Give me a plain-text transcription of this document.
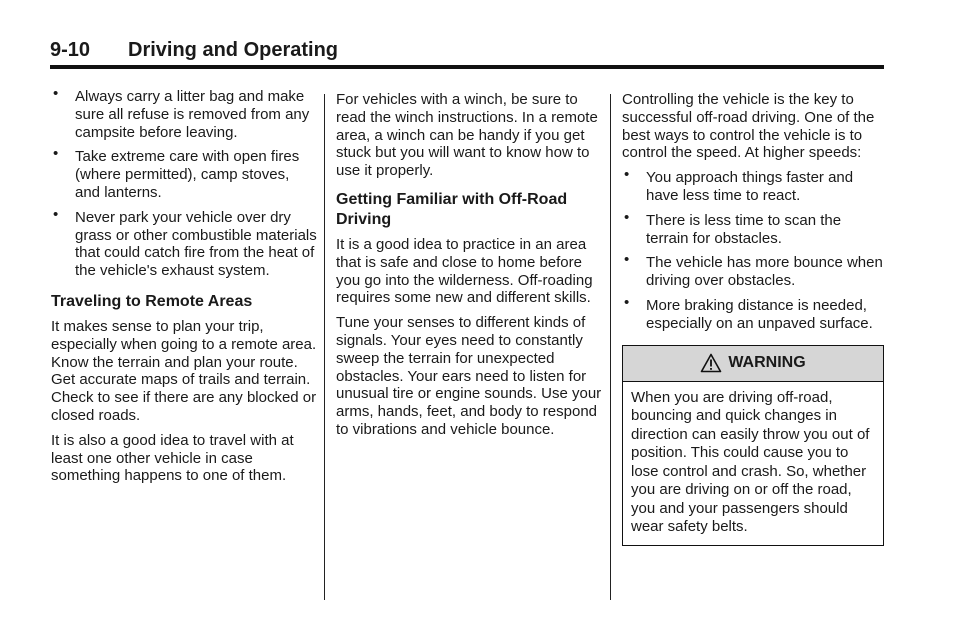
9-10 Driving and Operating
• Always carry a litter bag and make sure all refuse is removed from any campsite before leaving.
• Take extreme care with open fires (where permitted), camp stoves, and lanterns.
• Never park your vehicle over dry grass or other combustible materials that could catch fire from the heat of the vehicle's exhaust system.
Traveling to Remote Areas

It makes sense to plan your trip, especially when going to a remote area. Know the terrain and plan your route. Get accurate maps of trails and terrain. Check to see if there are any blocked or closed roads.

It is also a good idea to travel with at least one other vehicle in case something happens to one of them.

For vehicles with a winch, be sure to read the winch instructions. In a remote area, a winch can be handy if you get stuck but you will want to know how to use it properly.

Getting Familiar with Off-Road Driving

It is a good idea to practice in an area that is safe and close to home before you go into the wilderness. Off-roading requires some new and different skills.

Tune your senses to different kinds of signals. Your eyes need to constantly sweep the terrain for unexpected obstacles. Your ears need to listen for unusual tire or engine sounds. Use your arms, hands, feet, and body to respond to vibrations and vehicle bounce.

Controlling the vehicle is the key to successful off-road driving. One of the best ways to control the vehicle is to control the speed. At higher speeds:

• You approach things faster and have less time to react.
• There is less time to scan the terrain for obstacles.
• The vehicle has more bounce when driving over obstacles.
• More braking distance is needed, especially on an unpaved surface.
WARNING
When you are driving off-road, bouncing and quick changes in direction can easily throw you out of position. This could cause you to lose control and crash. So, whether you are driving on or off the road, you and your passengers should wear safety belts.
